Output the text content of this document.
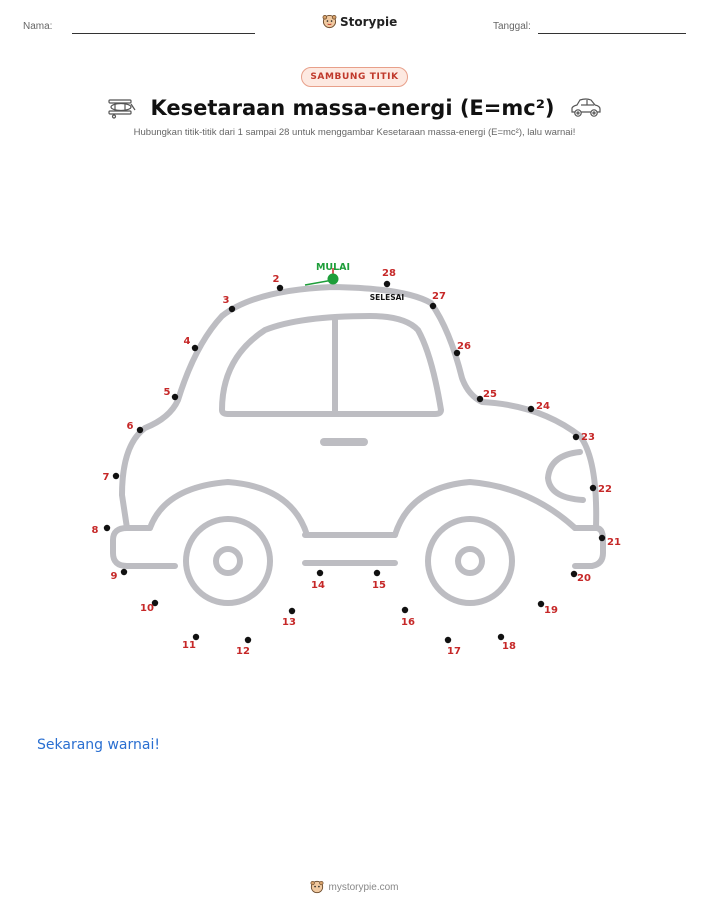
Nama:	Storypie	Tanggal:
SAMBUNG TITIK
Kesetaraan massa-energi (E=mc²)
Hubungkan titik-titik dari 1 sampai 28 untuk menggambar Kesetaraan massa-energi (E=mc²), lalu warnai!
MULAI
SELESAI
2
3
4
5
6
7
8
9
10
11
12
13
14	15
16
17	18
19
20
21
22
23
24
25
26
27
28
Sekarang warnai!
mystorypie.com
